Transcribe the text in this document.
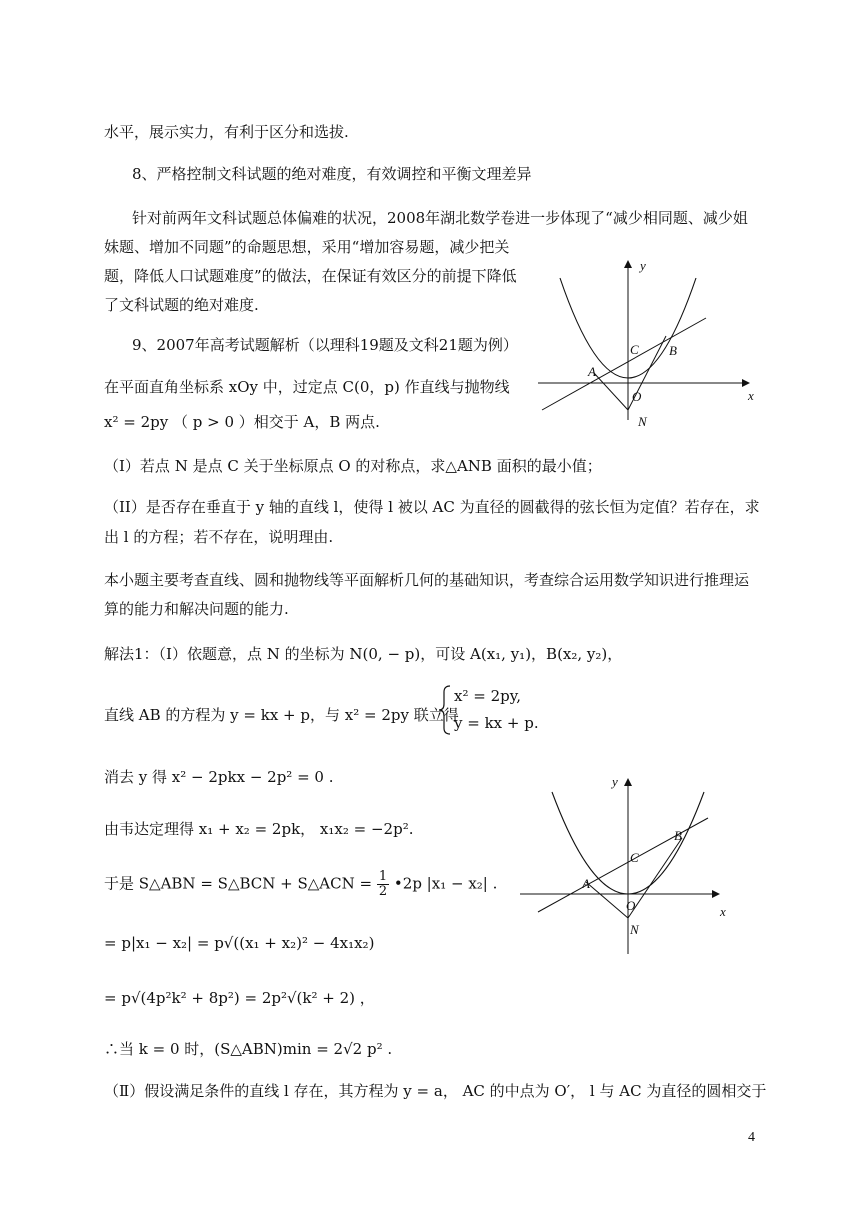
水平，展示实力，有利于区分和选拔.
8、严格控制文科试题的绝对难度，有效调控和平衡文理差异
针对前两年文科试题总体偏难的状况，2008年湖北数学卷进一步体现了“减少相同题、减少姐
妹题、增加不同题”的命题思想，采用“增加容易题，减少把关
题，降低人口试题难度”的做法，在保证有效区分的前提下降低
了文科试题的绝对难度.
9、2007年高考试题解析（以理科19题及文科21题为例）
在平面直角坐标系 xOy 中，过定点 C(0，p) 作直线与抛物线
x² = 2py （ p > 0 ）相交于 A，B 两点.
（I）若点 N 是点 C 关于坐标原点 O 的对称点，求△ANB 面积的最小值；
（II）是否存在垂直于 y 轴的直线 l，使得 l 被以 AC 为直径的圆截得的弦长恒为定值？若存在，求
出 l 的方程；若不存在，说明理由.
本小题主要考查直线、圆和抛物线等平面解析几何的基础知识，考查综合运用数学知识进行推理运
算的能力和解决问题的能力.
解法1：（Ⅰ）依题意，点 N 的坐标为 N(0, − p)，可设 A(x₁, y₁)，B(x₂, y₂)，
直线 AB 的方程为 y = kx + p，与 x² = 2py 联立得
x² = 2py,
y = kx + p.
消去 y 得 x² − 2pkx − 2p² = 0 .
由韦达定理得 x₁ + x₂ = 2pk， x₁x₂ = −2p².
于是 S△ABN = S△BCN + S△ACN = $\frac{1}{2}$ •2p |x₁ − x₂| .
= p|x₁ − x₂| = p√((x₁ + x₂)² − 4x₁x₂)
= p√(4p²k² + 8p²) = 2p²√(k² + 2) ，
∴当 k = 0 时，(S△ABN)min = 2√2 p² .
（Ⅱ）假设满足条件的直线 l 存在，其方程为 y = a， AC 的中点为 O′， l 与 AC 为直径的圆相交于
y
x
C B
A
O
N
y
x
C
B
A
O
N
4
